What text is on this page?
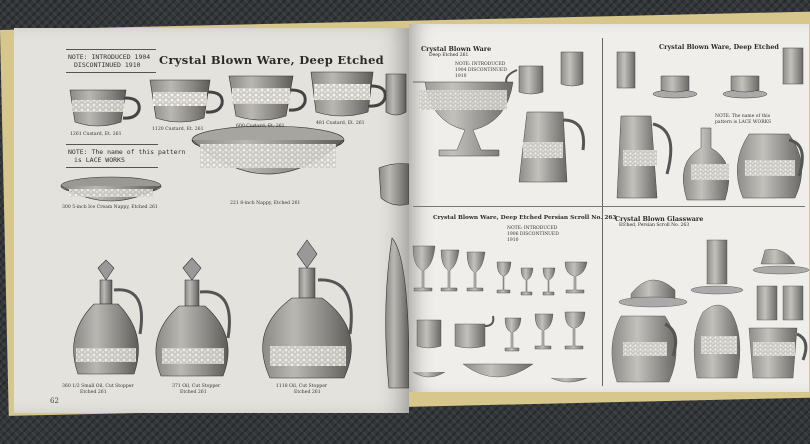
NOTE: INTRODUCED 1904
DISCONTINUED 1910	Crystal Blown Ware, Deep Etched
1261 Custard, Et. 261
1120 Custard, Et. 261
600 Custard, Et. 261
481 Custard, Et. 261
NOTE: The name of this pattern
is LACE WORKS
300 5-inch Ice Cream Nappy, Etched 261
221 8-inch Nappy, Etched 261
360 1/2 Small Oil, Cut Stopper
Etched 261
371 Oil, Cut Stopper
Etched 261
1118 Oil, Cut Stopper
Etched 261
62
Crystal Blown Ware
Deep Etched 261
NOTE: INTRODUCED 1904 DISCONTINUED 1910
Crystal Blown Ware, Deep Etched
NOTE: The name of this pattern is LACE WORKS
Crystal Blown Ware, Deep Etched Persian Scroll No. 263
NOTE: INTRODUCED 1906 DISCONTINUED 1910
Crystal Blown Glassware
Etched, Persian Scroll No. 263
